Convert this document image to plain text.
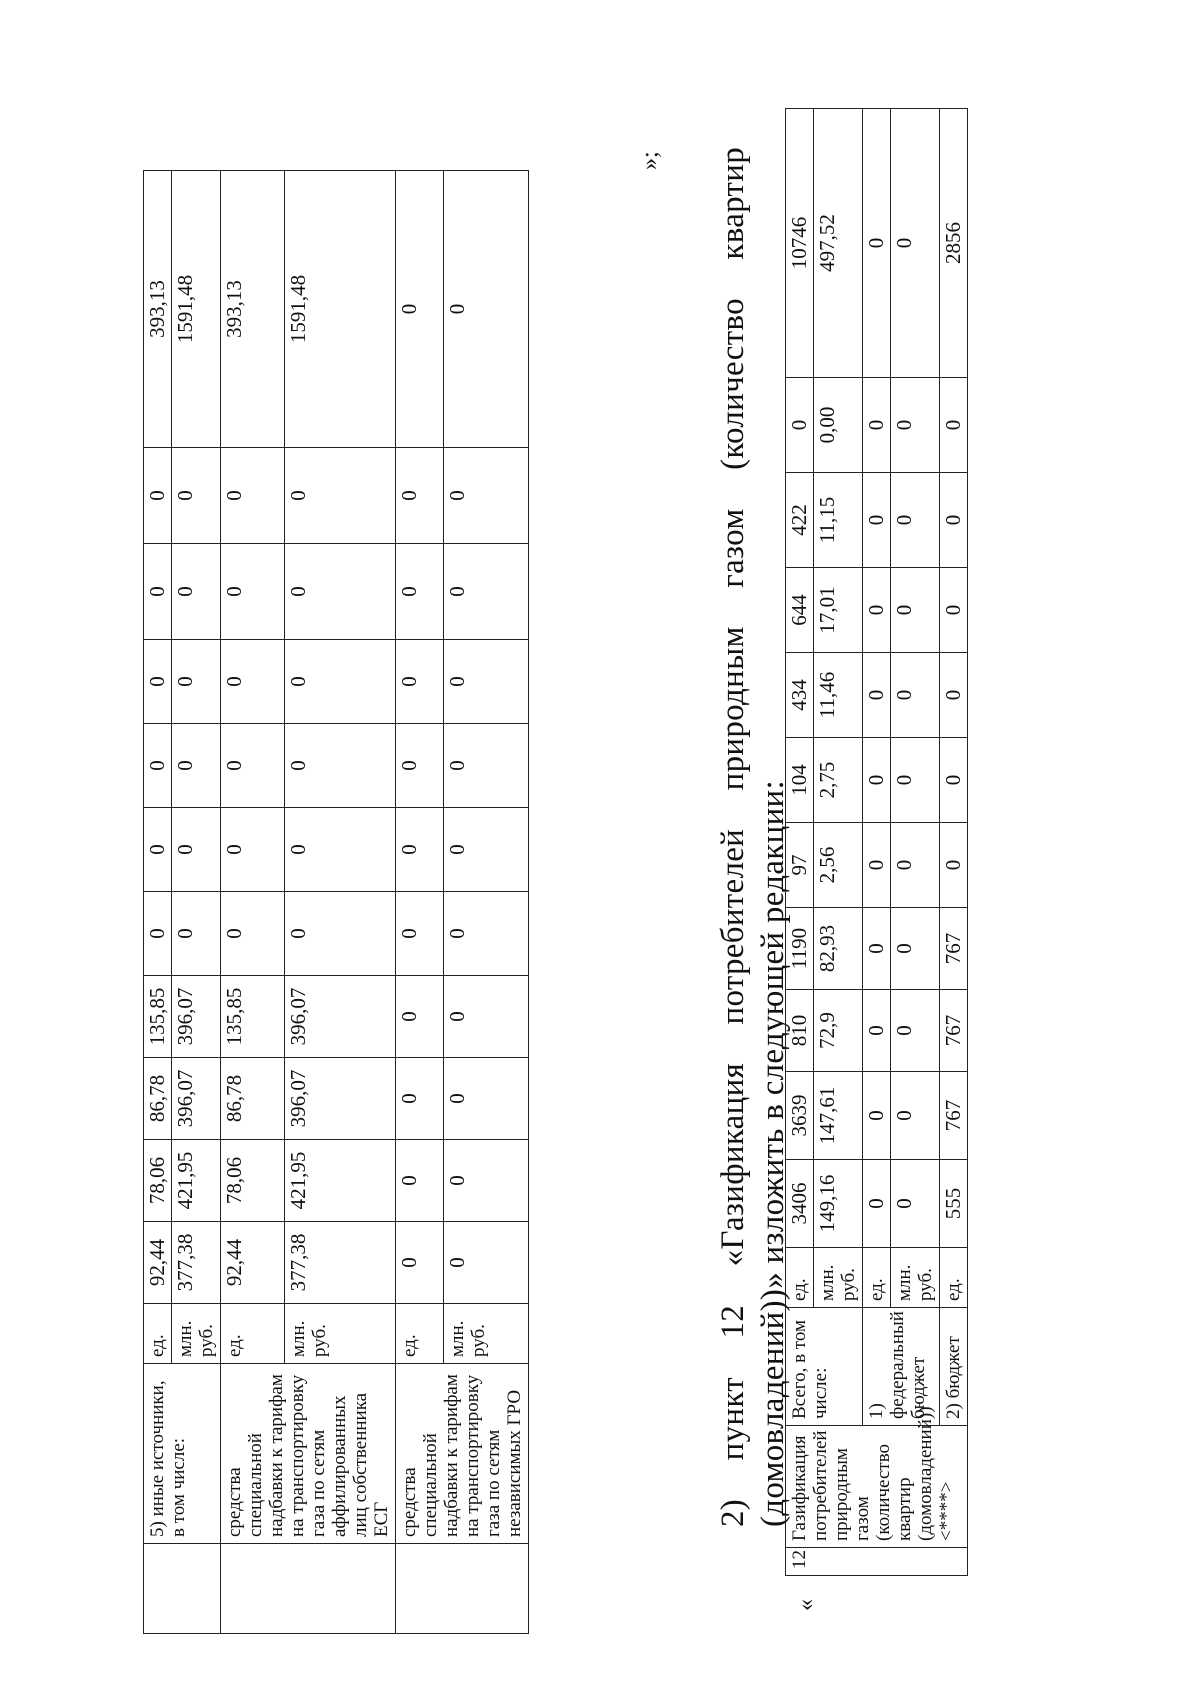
	5) иные источники, в том числе:	ед.	92,44	78,06	86,78	135,85	0	0	0	0	0	0	393,13
		млн. руб.	377,38	421,95	396,07	396,07	0	0	0	0	0	0	1591,48
	средства специальной надбавки к тарифам на транспортировку газа по сетям аффилированных лиц собственника ЕСГ	ед.	92,44	78,06	86,78	135,85	0	0	0	0	0	0	393,13
		млн. руб.	377,38	421,95	396,07	396,07	0	0	0	0	0	0	1591,48
	средства специальной надбавки к тарифам на транспортировку газа по сетям независимых ГРО	ед.	0	0	0	0	0	0	0	0	0	0	0
		млн. руб.	0	0	0	0	0	0	0	0	0	0	0
»; 2) пункт 12 «Газификация потребителей природным газом (количество квартир (домовладений))» изложить в следующей редакции:
«
12	Газификация потребителей природным газом (количество квартир (домовладений)) <****>	Всего, в том числе:	ед.	3406	3639	810	1190	97	104	434	644	422	0	10746
			млн. руб.	149,16	147,61	72,9	82,93	2,56	2,75	11,46	17,01	11,15	0,00	497,52
		1) федеральный бюджет	ед.	0	0	0	0	0	0	0	0	0	0	0
			млн. руб.	0	0	0	0	0	0	0	0	0	0	0
		2) бюджет	ед.	555	767	767	767	0	0	0	0	0	0	2856
